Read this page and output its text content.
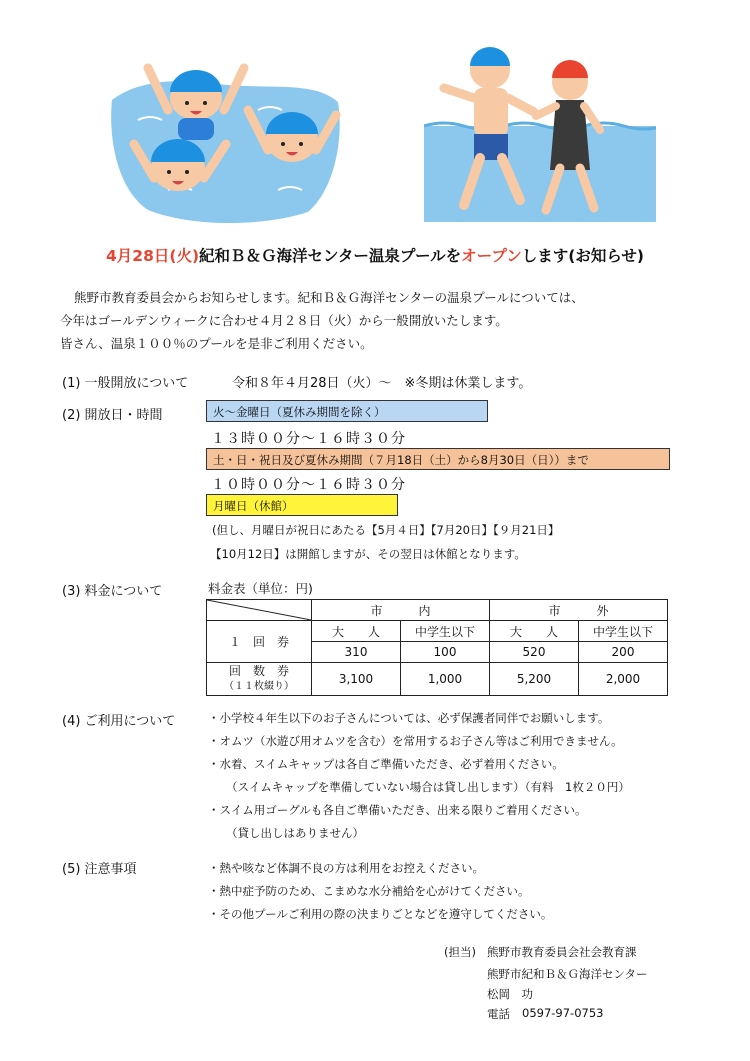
4月28日(火)紀和Ｂ＆Ｇ海洋センター温泉プールをオープンします(お知らせ)
熊野市教育委員会からお知らせします。紀和Ｂ＆Ｇ海洋センターの温泉プールについては、
今年はゴールデンウィークに合わせ４月２８日（火）から一般開放いたします。
皆さん、温泉１００％のプールを是非ご利用ください。
(1) 一般開放について	令和８年４月28日（火）～　※冬期は休業します。
(2) 開放日・時間	火～金曜日（夏休み期間を除く）
１３時００分～１６時３０分
土・日・祝日及び夏休み期間（７月18日（土）から8月30日（日））まで
１０時００分～１６時３０分
月曜日（休館）
(但し、月曜日が祝日にあたる【5月４日】【7月20日】【９月21日】
【10月12日】は開館しますが、その翌日は休館となります。
(3) 料金について	料金表（単位：円)
	市　　　内		市　　　外	
１　回　券	大　　人	中学生以下	大　　人	中学生以下
	310	100	520	200
回　数　券
（１１枚綴り）	3,100	1,000	5,200	2,000
(4) ご利用について	・小学校４年生以下のお子さんについては、必ず保護者同伴でお願いします。
・オムツ（水遊び用オムツを含む）を常用するお子さん等はご利用できません。
・水着、スイムキャップは各自ご準備いただき、必ず着用ください。
（スイムキャップを準備していない場合は貸し出します）（有料　1枚２０円）
・スイム用ゴーグルも各自ご準備いただき、出来る限りご着用ください。
（貸し出しはありません）
(5) 注意事項	・熱や咳など体調不良の方は利用をお控えください。
・熱中症予防のため、こまめな水分補給を心がけてください。
・その他プールご利用の際の決まりごとなどを遵守してください。
(担当) 熊野市教育委員会社会教育課
熊野市紀和Ｂ＆Ｇ海洋センター
松岡　功
電話 0597-97-0753
